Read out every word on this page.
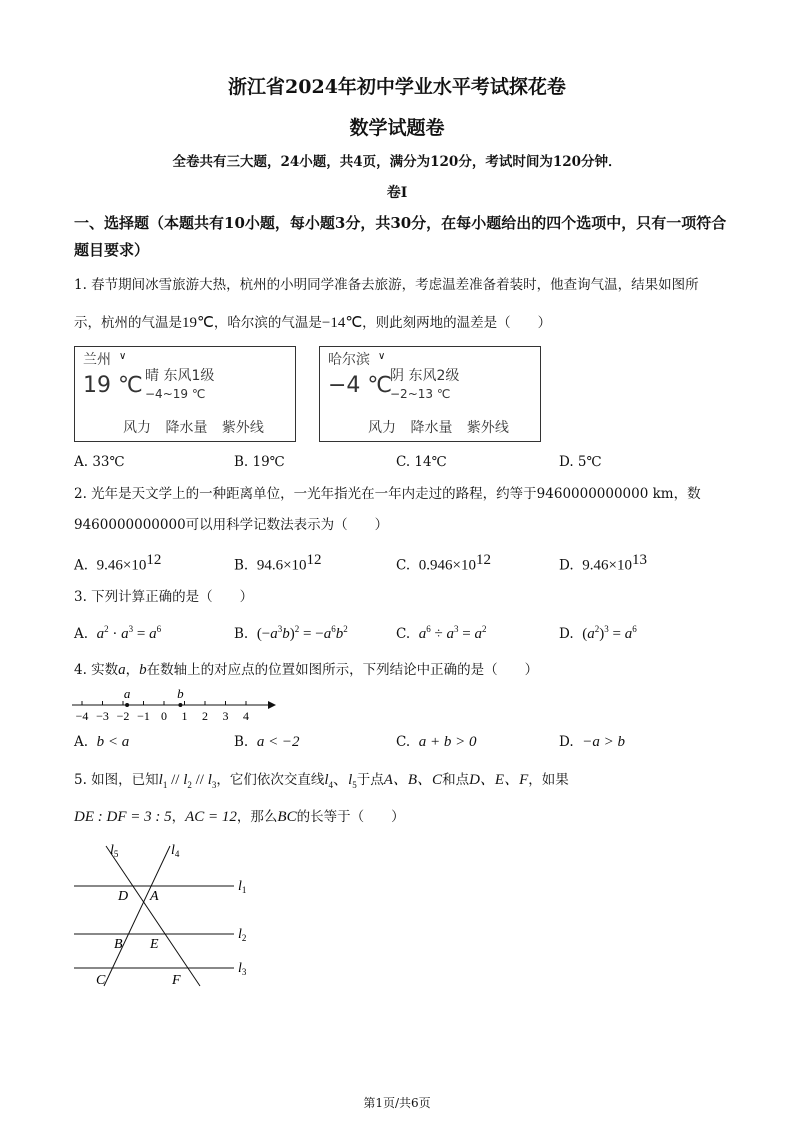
浙江省2024年初中学业水平考试探花卷
数学试题卷
全卷共有三大题，24小题，共4页，满分为120分，考试时间为120分钟．
卷I
一、选择题（本题共有10小题，每小题3分，共30分，在每小题给出的四个选项中，只有一项符合题目要求）
1. 春节期间冰雪旅游大热，杭州的小明同学准备去旅游，考虑温差准备着装时，他查询气温，结果如图所
示，杭州的气温是19℃，哈尔滨的气温是−14℃，则此刻两地的温差是（　　）
兰州 ∨
19 ℃ 晴 东风1级
−4~19 ℃
风力 降水量 紫外线
哈尔滨 ∨
−4 ℃
阴 东风2级
−2~13 ℃
风力 降水量 紫外线
A. 33℃	B. 19℃	C. 14℃	D. 5℃
2. 光年是天文学上的一种距离单位，一光年指光在一年内走过的路程，约等于9460000000000 km，数
9460000000000可以用科学记数法表示为（　　）
A. $9.46\times 10^{12}$	B. $94.6\times 10^{12}$	C. $0.946\times 10^{12}$	D. $9.46\times 10^{13}$
3. 下列计算正确的是（　　）
A. $a^2 \cdot a^3 = a^6$	B. $(-a^3b)^2 = -a^6b^2$	C. $a^6 \div a^3 = a^2$	D. $(a^2)^3 = a^6$
4. 实数a，b在数轴上的对应点的位置如图所示，下列结论中正确的是（　　）
−4 −3 −2 −1 0 1 2 3 4
a	b
A. b < a	B. a < −2	C. a + b > 0	D. −a > b
5. 如图，已知$l_1 // l_2 // l_3$，它们依次交直线$l_4$、$l_5$于点A、B、C和点D、E、F，如果
DE : DF = 3 : 5，AC = 12，那么BC的长等于（　　）
$l_5$	$l_4$
$l_1$
$l_2$
$l_3$
D A
B E
C	F
第1页/共6页
